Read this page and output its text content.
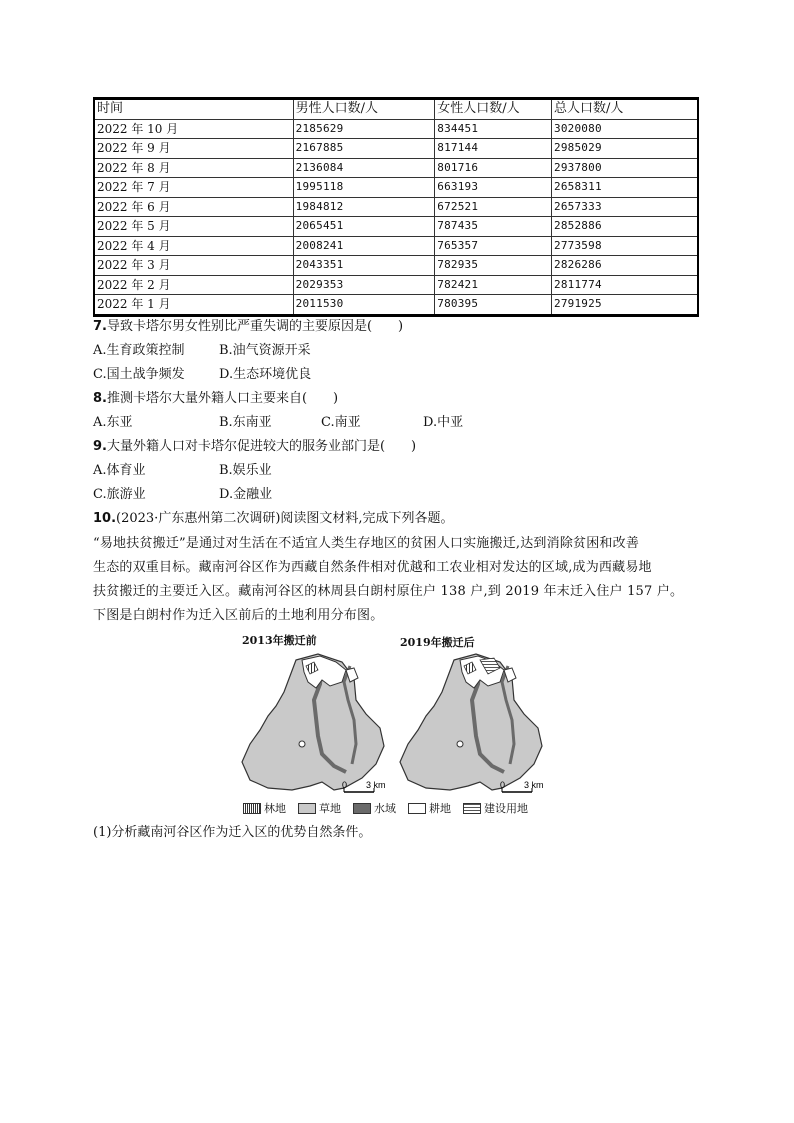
时间	男性人口数/人	女性人口数/人	总人口数/人
2022 年 10 月	2185629	834451	3020080
2022 年 9 月	2167885	817144	2985029
2022 年 8 月	2136084	801716	2937800
2022 年 7 月	1995118	663193	2658311
2022 年 6 月	1984812	672521	2657333
2022 年 5 月	2065451	787435	2852886
2022 年 4 月	2008241	765357	2773598
2022 年 3 月	2043351	782935	2826286
2022 年 2 月	2029353	782421	2811774
2022 年 1 月	2011530	780395	2791925
7.导致卡塔尔男女性别比严重失调的主要原因是(　　)
A.生育政策控制	B.油气资源开采
C.国土战争频发	D.生态环境优良
8.推测卡塔尔大量外籍人口主要来自(　　)
A.东亚	B.东南亚	C.南亚	D.中亚
9.大量外籍人口对卡塔尔促进较大的服务业部门是(　　)
A.体育业	B.娱乐业
C.旅游业	D.金融业
10.(2023·广东惠州第二次调研)阅读图文材料,完成下列各题。
“易地扶贫搬迁”是通过对生活在不适宜人类生存地区的贫困人口实施搬迁,达到消除贫困和改善
生态的双重目标。藏南河谷区作为西藏自然条件相对优越和工农业相对发达的区域,成为西藏易地
扶贫搬迁的主要迁入区。藏南河谷区的林周县白朗村原住户 138 户,到 2019 年末迁入住户 157 户。
下图是白朗村作为迁入区前后的土地利用分布图。
2013年搬迁前	2019年搬迁后
0 3 km	0 3 km
林地	草地	水域	耕地	建设用地
(1)分析藏南河谷区作为迁入区的优势自然条件。
